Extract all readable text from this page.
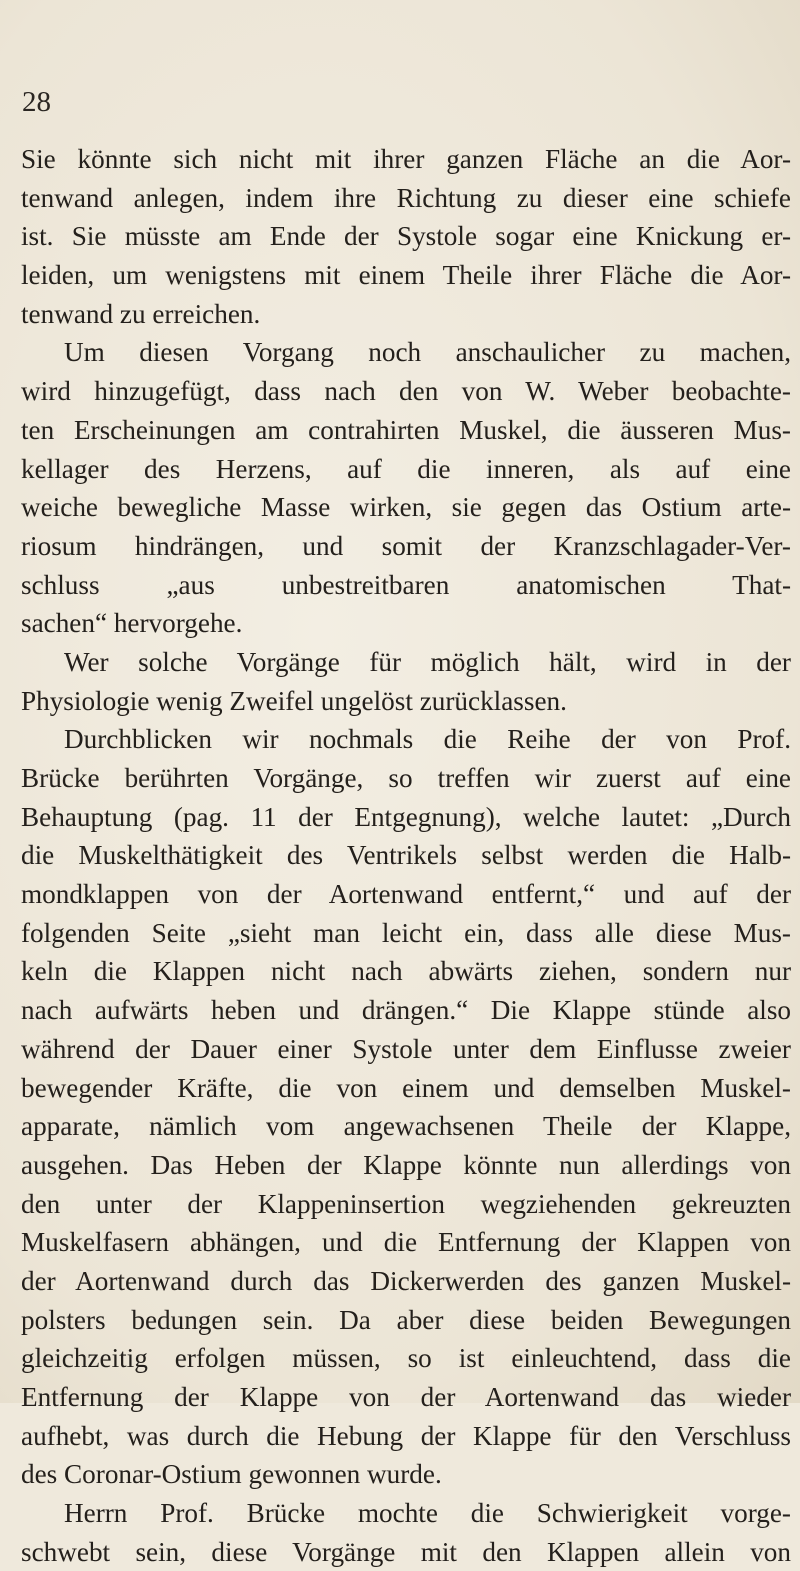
28
Sie könnte sich nicht mit ihrer ganzen Fläche an die Aor-
tenwand anlegen, indem ihre Richtung zu dieser eine schiefe
ist. Sie müsste am Ende der Systole sogar eine Knickung er-
leiden, um wenigstens mit einem Theile ihrer Fläche die Aor-
tenwand zu erreichen.
Um diesen Vorgang noch anschaulicher zu machen,
wird hinzugefügt, dass nach den von W. Weber beobachte-
ten Erscheinungen am contrahirten Muskel, die äusseren Mus-
kellager des Herzens, auf die inneren, als auf eine
weiche bewegliche Masse wirken, sie gegen das Ostium arte-
riosum hindrängen, und somit der Kranzschlagader-Ver-
schluss „aus unbestreitbaren anatomischen That-
sachen“ hervorgehe.
Wer solche Vorgänge für möglich hält, wird in der
Physiologie wenig Zweifel ungelöst zurücklassen.
Durchblicken wir nochmals die Reihe der von Prof.
Brücke berührten Vorgänge, so treffen wir zuerst auf eine
Behauptung (pag. 11 der Entgegnung), welche lautet: „Durch
die Muskelthätigkeit des Ventrikels selbst werden die Halb-
mondklappen von der Aortenwand entfernt,“ und auf der
folgenden Seite „sieht man leicht ein, dass alle diese Mus-
keln die Klappen nicht nach abwärts ziehen, sondern nur
nach aufwärts heben und drängen.“ Die Klappe stünde also
während der Dauer einer Systole unter dem Einflusse zweier
bewegender Kräfte, die von einem und demselben Muskel-
apparate, nämlich vom angewachsenen Theile der Klappe,
ausgehen. Das Heben der Klappe könnte nun allerdings von
den unter der Klappeninsertion wegziehenden gekreuzten
Muskelfasern abhängen, und die Entfernung der Klappen von
der Aortenwand durch das Dickerwerden des ganzen Muskel-
polsters bedungen sein. Da aber diese beiden Bewegungen
gleichzeitig erfolgen müssen, so ist einleuchtend, dass die
Entfernung der Klappe von der Aortenwand das wieder
aufhebt, was durch die Hebung der Klappe für den Verschluss
des Coronar-Ostium gewonnen wurde.
Herrn Prof. Brücke mochte die Schwierigkeit vorge-
schwebt sein, diese Vorgänge mit den Klappen allein von
